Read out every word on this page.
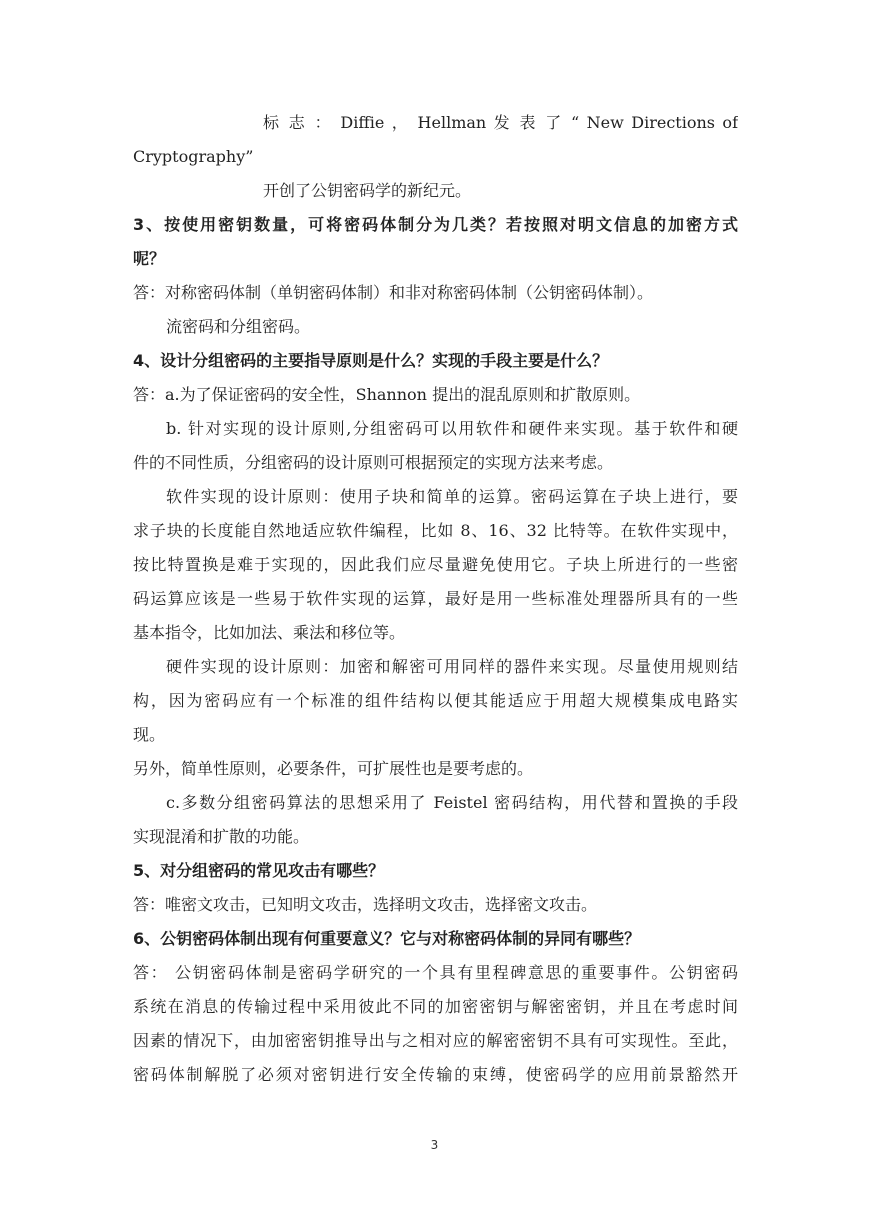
标 志 ： Diffie ， Hellman 发 表 了 “ New Directions of
Cryptography”
开创了公钥密码学的新纪元。
3、按使用密钥数量，可将密码体制分为几类？若按照对明文信息的加密方式
呢？
答：对称密码体制（单钥密码体制）和非对称密码体制（公钥密码体制）。
流密码和分组密码。
4、设计分组密码的主要指导原则是什么？实现的手段主要是什么？
答：a.为了保证密码的安全性，Shannon 提出的混乱原则和扩散原则。
b. 针对实现的设计原则,分组密码可以用软件和硬件来实现。基于软件和硬
件的不同性质，分组密码的设计原则可根据预定的实现方法来考虑。
软件实现的设计原则：使用子块和简单的运算。密码运算在子块上进行，要
求子块的长度能自然地适应软件编程，比如 8、16、32 比特等。在软件实现中，
按比特置换是难于实现的，因此我们应尽量避免使用它。子块上所进行的一些密
码运算应该是一些易于软件实现的运算，最好是用一些标准处理器所具有的一些
基本指令，比如加法、乘法和移位等。
硬件实现的设计原则：加密和解密可用同样的器件来实现。尽量使用规则结
构，因为密码应有一个标准的组件结构以便其能适应于用超大规模集成电路实
现。
另外，简单性原则，必要条件，可扩展性也是要考虑的。
c.多数分组密码算法的思想采用了 Feistel 密码结构，用代替和置换的手段
实现混淆和扩散的功能。
5、对分组密码的常见攻击有哪些？
答：唯密文攻击，已知明文攻击，选择明文攻击，选择密文攻击。
6、公钥密码体制出现有何重要意义？它与对称密码体制的异同有哪些？
答： 公钥密码体制是密码学研究的一个具有里程碑意思的重要事件。公钥密码
系统在消息的传输过程中采用彼此不同的加密密钥与解密密钥，并且在考虑时间
因素的情况下，由加密密钥推导出与之相对应的解密密钥不具有可实现性。至此，
密码体制解脱了必须对密钥进行安全传输的束缚，使密码学的应用前景豁然开
3
